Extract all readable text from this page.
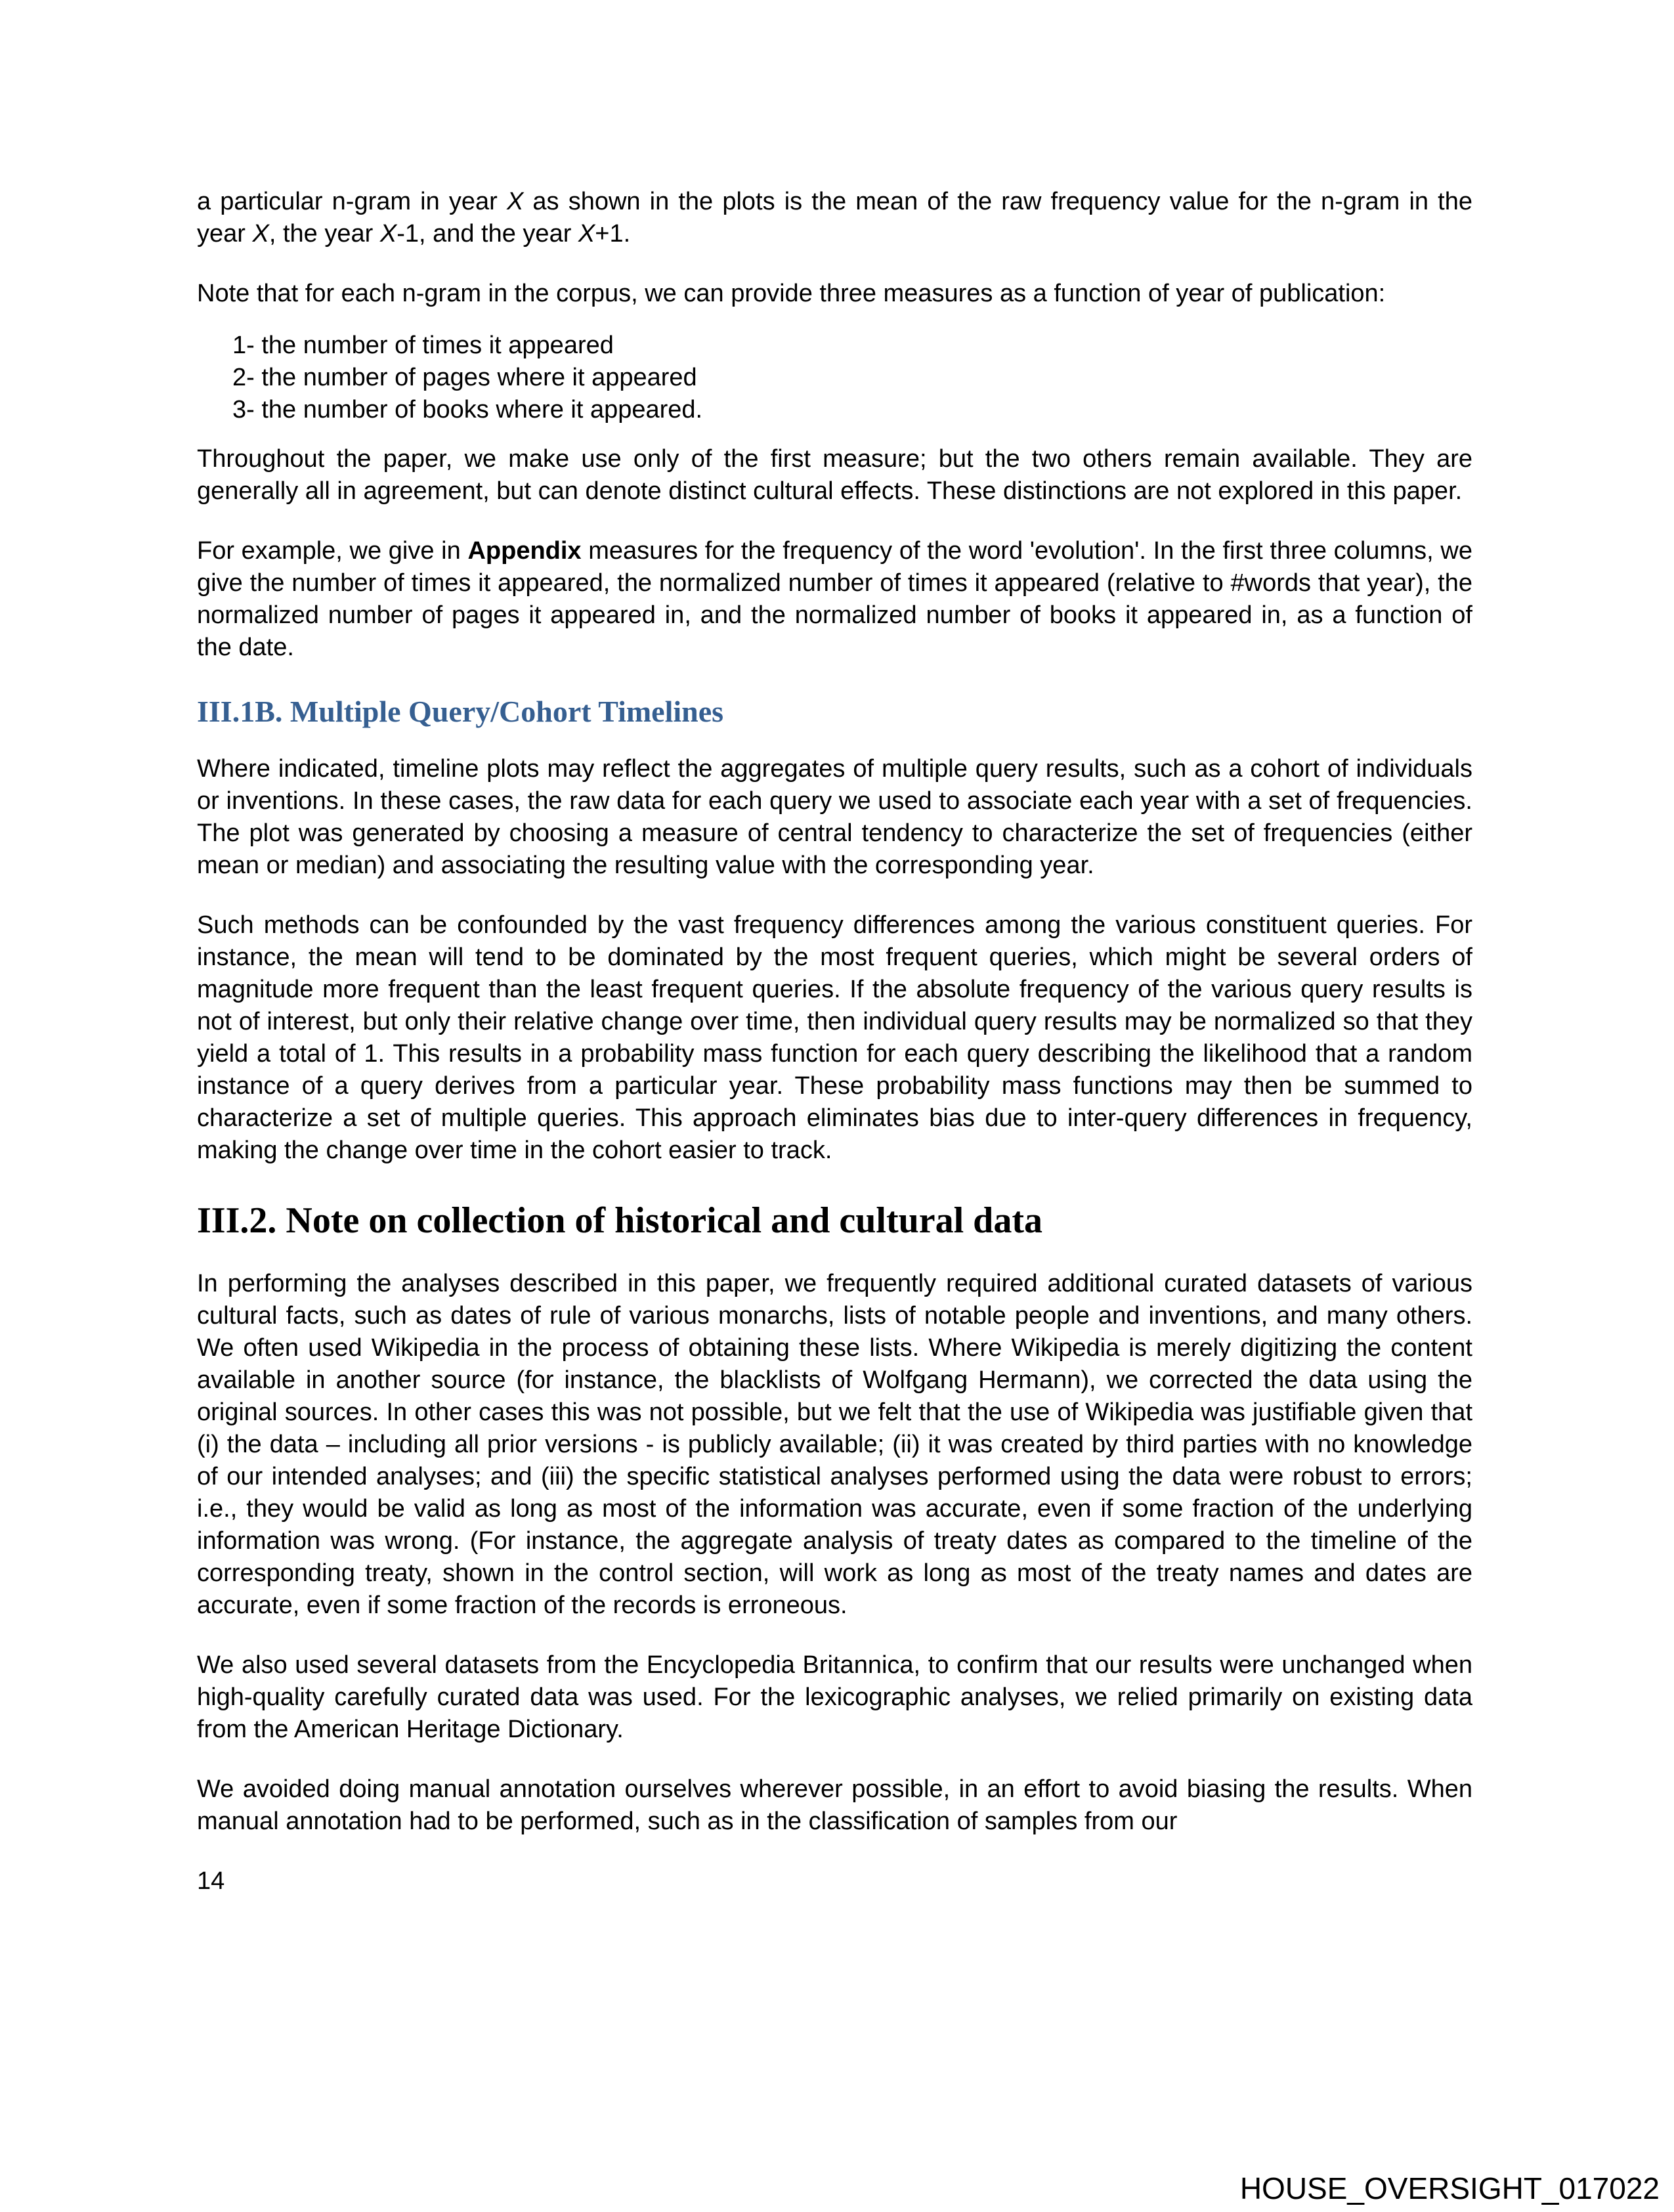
a particular n-gram in year X as shown in the plots is the mean of the raw frequency value for the n-gram in the year X, the year X-1, and the year X+1.

Note that for each n-gram in the corpus, we can provide three measures as a function of year of publication:

1- the number of times it appeared
2- the number of pages where it appeared
3- the number of books where it appeared.

Throughout the paper, we make use only of the first measure; but the two others remain available. They are generally all in agreement, but can denote distinct cultural effects. These distinctions are not explored in this paper.

For example, we give in Appendix measures for the frequency of the word 'evolution'. In the first three columns, we give the number of times it appeared, the normalized number of times it appeared (relative to #words that year), the normalized number of pages it appeared in, and the normalized number of books it appeared in, as a function of the date.

III.1B. Multiple Query/Cohort Timelines

Where indicated, timeline plots may reflect the aggregates of multiple query results, such as a cohort of individuals or inventions. In these cases, the raw data for each query we used to associate each year with a set of frequencies. The plot was generated by choosing a measure of central tendency to characterize the set of frequencies (either mean or median) and associating the resulting value with the corresponding year.

Such methods can be confounded by the vast frequency differences among the various constituent queries. For instance, the mean will tend to be dominated by the most frequent queries, which might be several orders of magnitude more frequent than the least frequent queries. If the absolute frequency of the various query results is not of interest, but only their relative change over time, then individual query results may be normalized so that they yield a total of 1. This results in a probability mass function for each query describing the likelihood that a random instance of a query derives from a particular year. These probability mass functions may then be summed to characterize a set of multiple queries. This approach eliminates bias due to inter-query differences in frequency, making the change over time in the cohort easier to track.

III.2. Note on collection of historical and cultural data

In performing the analyses described in this paper, we frequently required additional curated datasets of various cultural facts, such as dates of rule of various monarchs, lists of notable people and inventions, and many others. We often used Wikipedia in the process of obtaining these lists. Where Wikipedia is merely digitizing the content available in another source (for instance, the blacklists of Wolfgang Hermann), we corrected the data using the original sources. In other cases this was not possible, but we felt that the use of Wikipedia was justifiable given that (i) the data – including all prior versions - is publicly available; (ii) it was created by third parties with no knowledge of our intended analyses; and (iii) the specific statistical analyses performed using the data were robust to errors; i.e., they would be valid as long as most of the information was accurate, even if some fraction of the underlying information was wrong. (For instance, the aggregate analysis of treaty dates as compared to the timeline of the corresponding treaty, shown in the control section, will work as long as most of the treaty names and dates are accurate, even if some fraction of the records is erroneous.

We also used several datasets from the Encyclopedia Britannica, to confirm that our results were unchanged when high-quality carefully curated data was used. For the lexicographic analyses, we relied primarily on existing data from the American Heritage Dictionary.

We avoided doing manual annotation ourselves wherever possible, in an effort to avoid biasing the results. When manual annotation had to be performed, such as in the classification of samples from our

14
HOUSE_OVERSIGHT_017022
